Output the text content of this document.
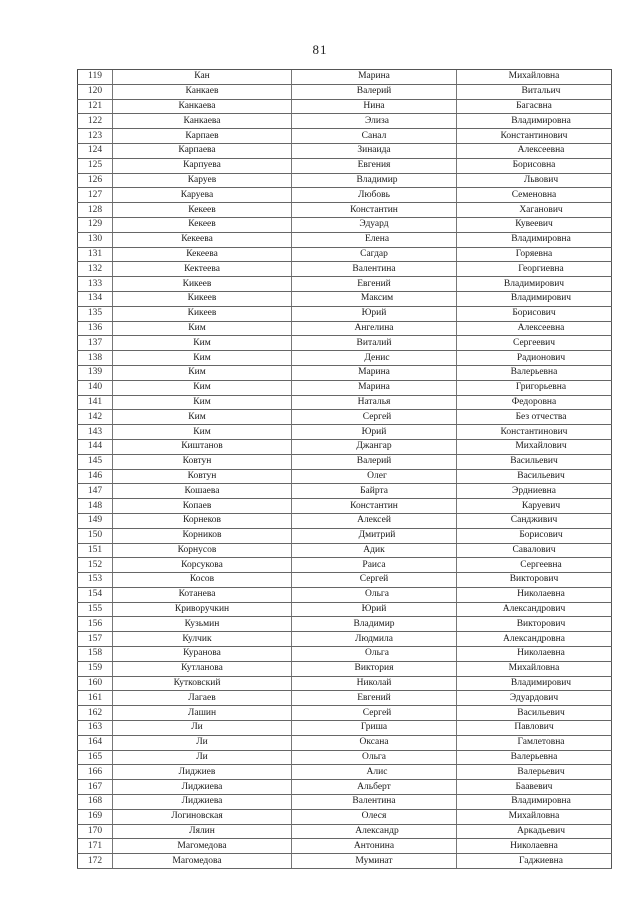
81
119	Кан	Марина	Михайловна
120	Канкаев	Валерий	Витальич
121	Канкаева	Нина	Багасвна
122	Канкаева	Элиза	Владимировна
123	Карпаев	Санал	Константинович
124	Карпаева	Зинаида	Алексеевна
125	Карпуева	Евгения	Борисовна
126	Каруев	Владимир	Львович
127	Каруева	Любовь	Семеновна
128	Кекеев	Константин	Хаганович
129	Кекеев	Эдуард	Кувеевич
130	Кекеева	Елена	Владимировна
131	Кекеева	Сагдар	Горяевна
132	Кектеева	Валентина	Георгиевна
133	Кикеев	Евгений	Владимирович
134	Кикеев	Максим	Владимирович
135	Кикеев	Юрий	Борисович
136	Ким	Ангелина	Алексеевна
137	Ким	Виталий	Сергеевич
138	Ким	Денис	Радионович
139	Ким	Марина	Валерьевна
140	Ким	Марина	Григорьевна
141	Ким	Наталья	Федоровна
142	Ким	Сергей	Без отчества
143	Ким	Юрий	Константинович
144	Киштанов	Джангар	Михайлович
145	Ковтун	Валерий	Васильевич
146	Ковтун	Олег	Васильевич
147	Кошаева	Байрта	Эрдниевна
148	Копаев	Константин	Каруевич
149	Корнеков	Алексей	Сандживич
150	Корников	Дмитрий	Борисович
151	Корнусов	Адик	Савалович
152	Корсукова	Раиса	Сергеевна
153	Косов	Сергей	Викторович
154	Котанева	Ольга	Николаевна
155	Криворучкин	Юрий	Александрович
156	Кузьмин	Владимир	Викторович
157	Кулчик	Людмила	Александровна
158	Куранова	Ольга	Николаевна
159	Кутланова	Виктория	Михайловна
160	Кутковский	Николай	Владимирович
161	Лагаев	Евгений	Эдуардович
162	Лашин	Сергей	Васильевич
163	Ли	Гриша	Павлович
164	Ли	Оксана	Гамлетовна
165	Ли	Ольга	Валерьевна
166	Лиджиев	Алис	Валерьевич
167	Лиджиева	Альберт	Баавевич
168	Лиджиева	Валентина	Владимировна
169	Логиновская	Олеся	Михайловна
170	Лялин	Александр	Аркадьевич
171	Магомедова	Антонина	Николаевна
172	Магомедова	Муминат	Гаджиевна
